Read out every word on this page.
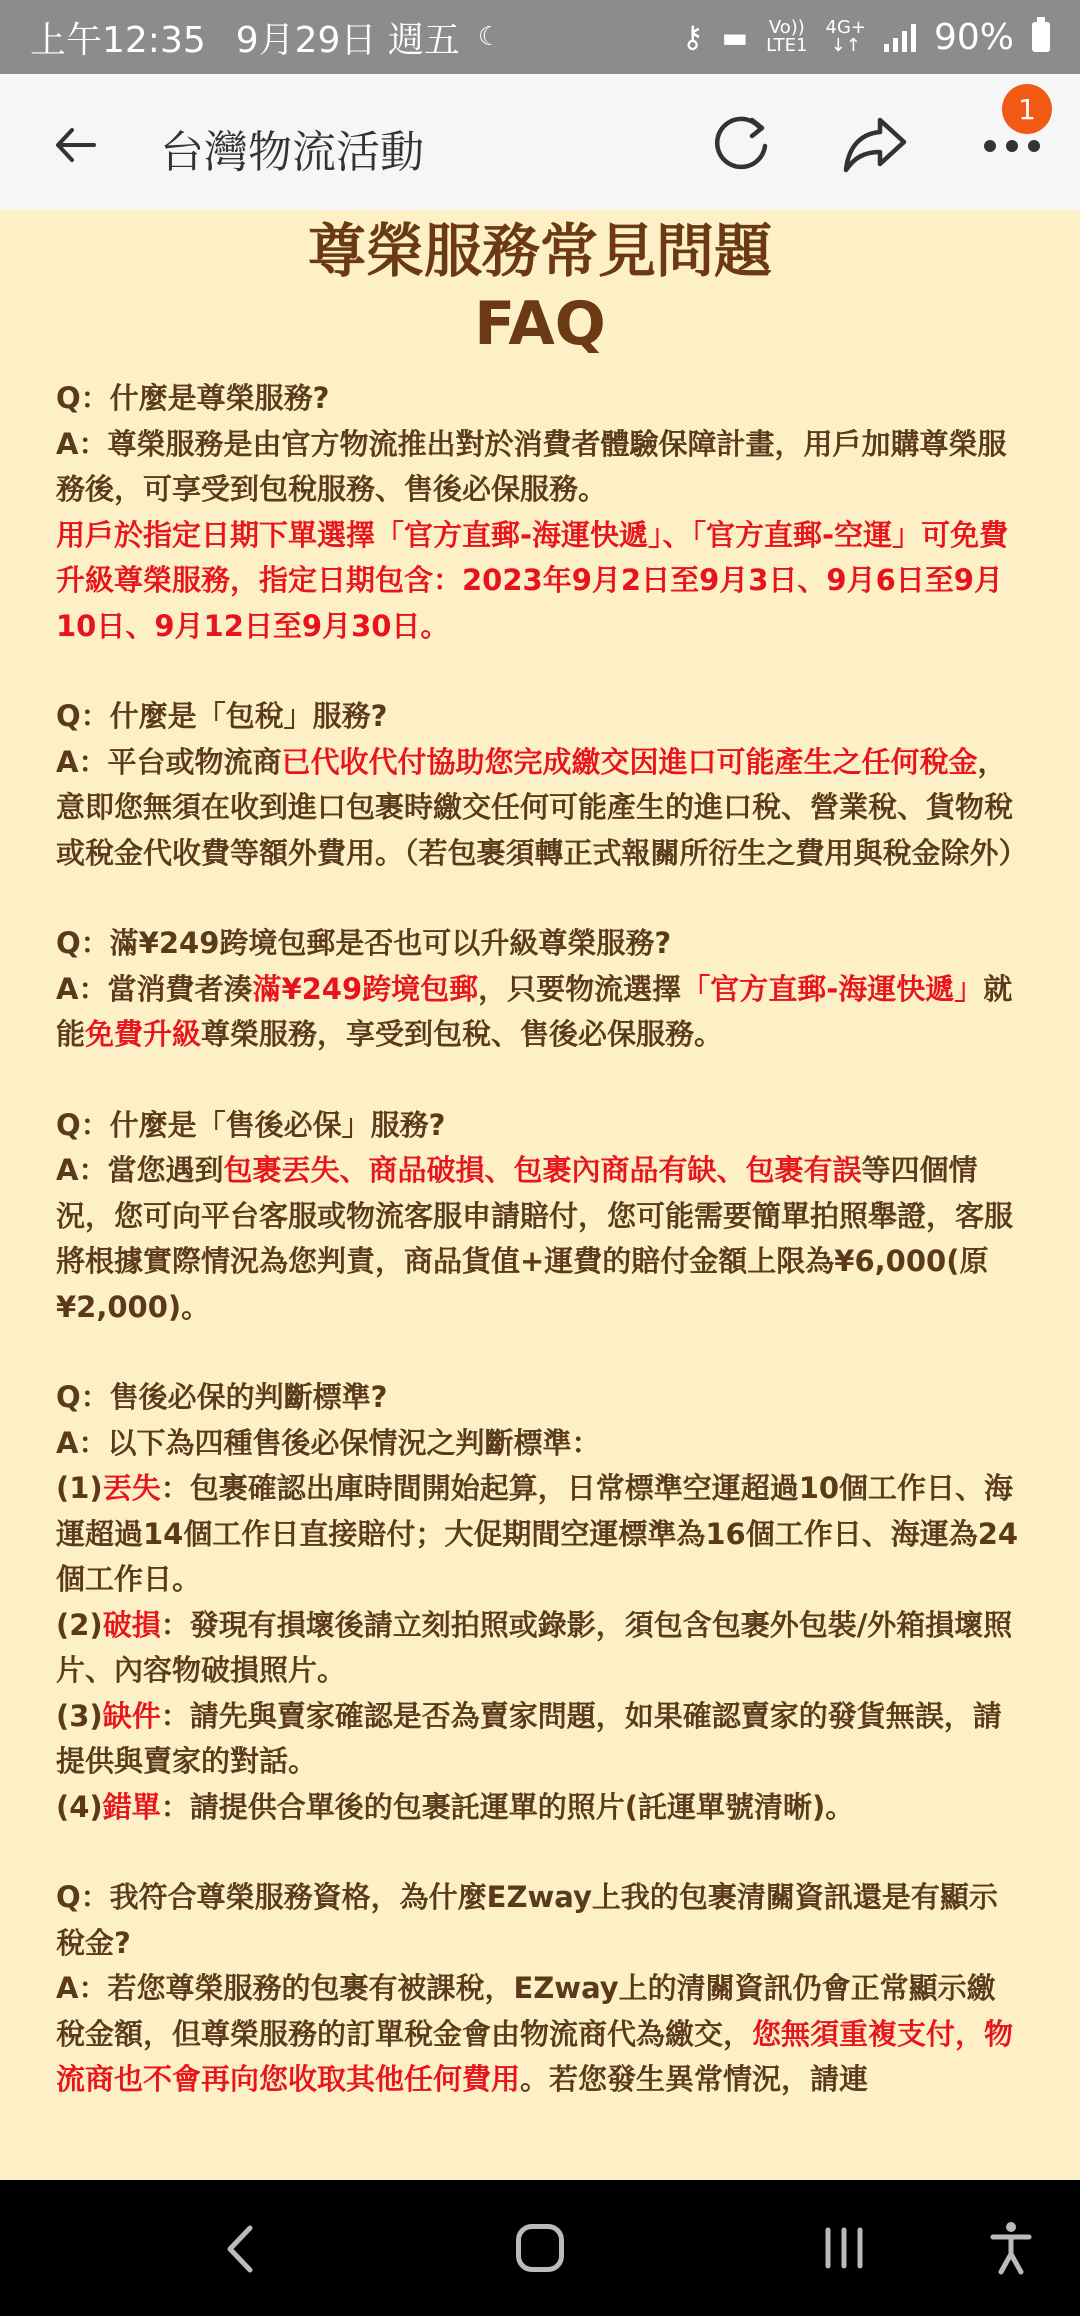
上午12:35 9月29日 週五 ☾	⚷ ▬ Vo))
LTE1
4G+
↓↑ 90%
台灣物流活動
1
尊榮服務常見問題
FAQ

Q：什麼是尊榮服務?

A：尊榮服務是由官方物流推出對於消費者體驗保障計畫，用戶加購尊榮服務後，可享受到包稅服務、售後必保服務。

用戶於指定日期下單選擇「官方直郵-海運快遞」、「官方直郵-空運」可免費升級尊榮服務，指定日期包含：2023年9月2日至9月3日、9月6日至9月10日、9月12日至9月30日。

Q：什麼是「包稅」服務?

A：平台或物流商已代收代付協助您完成繳交因進口可能產生之任何稅金，意即您無須在收到進口包裹時繳交任何可能產生的進口稅、營業稅、貨物稅或稅金代收費等額外費用。（若包裹須轉正式報關所衍生之費用與稅金除外）

Q：滿¥249跨境包郵是否也可以升級尊榮服務?

A：當消費者湊滿¥249跨境包郵，只要物流選擇「官方直郵-海運快遞」就能免費升級尊榮服務，享受到包稅、售後必保服務。

Q：什麼是「售後必保」服務?

A：當您遇到包裹丟失、商品破損、包裹內商品有缺、包裹有誤等四個情況，您可向平台客服或物流客服申請賠付，您可能需要簡單拍照舉證，客服將根據實際情況為您判責，商品貨值+運費的賠付金額上限為¥6,000(原¥2,000)。

Q：售後必保的判斷標準?

A：以下為四種售後必保情況之判斷標準：

(1)丟失：包裹確認出庫時間開始起算，日常標準空運超過10個工作日、海運超過14個工作日直接賠付；大促期間空運標準為16個工作日、海運為24個工作日。

(2)破損：發現有損壞後請立刻拍照或錄影，須包含包裹外包裝/外箱損壞照片、內容物破損照片。

(3)缺件：請先與賣家確認是否為賣家問題，如果確認賣家的發貨無誤，請提供與賣家的對話。

(4)錯單：請提供合單後的包裹託運單的照片(託運單號清晰)。

Q：我符合尊榮服務資格，為什麼EZway上我的包裹清關資訊還是有顯示稅金?

A：若您尊榮服務的包裹有被課稅，EZway上的清關資訊仍會正常顯示繳稅金額，但尊榮服務的訂單稅金會由物流商代為繳交，您無須重複支付，物流商也不會再向您收取其他任何費用。若您發生異常情況，請連
